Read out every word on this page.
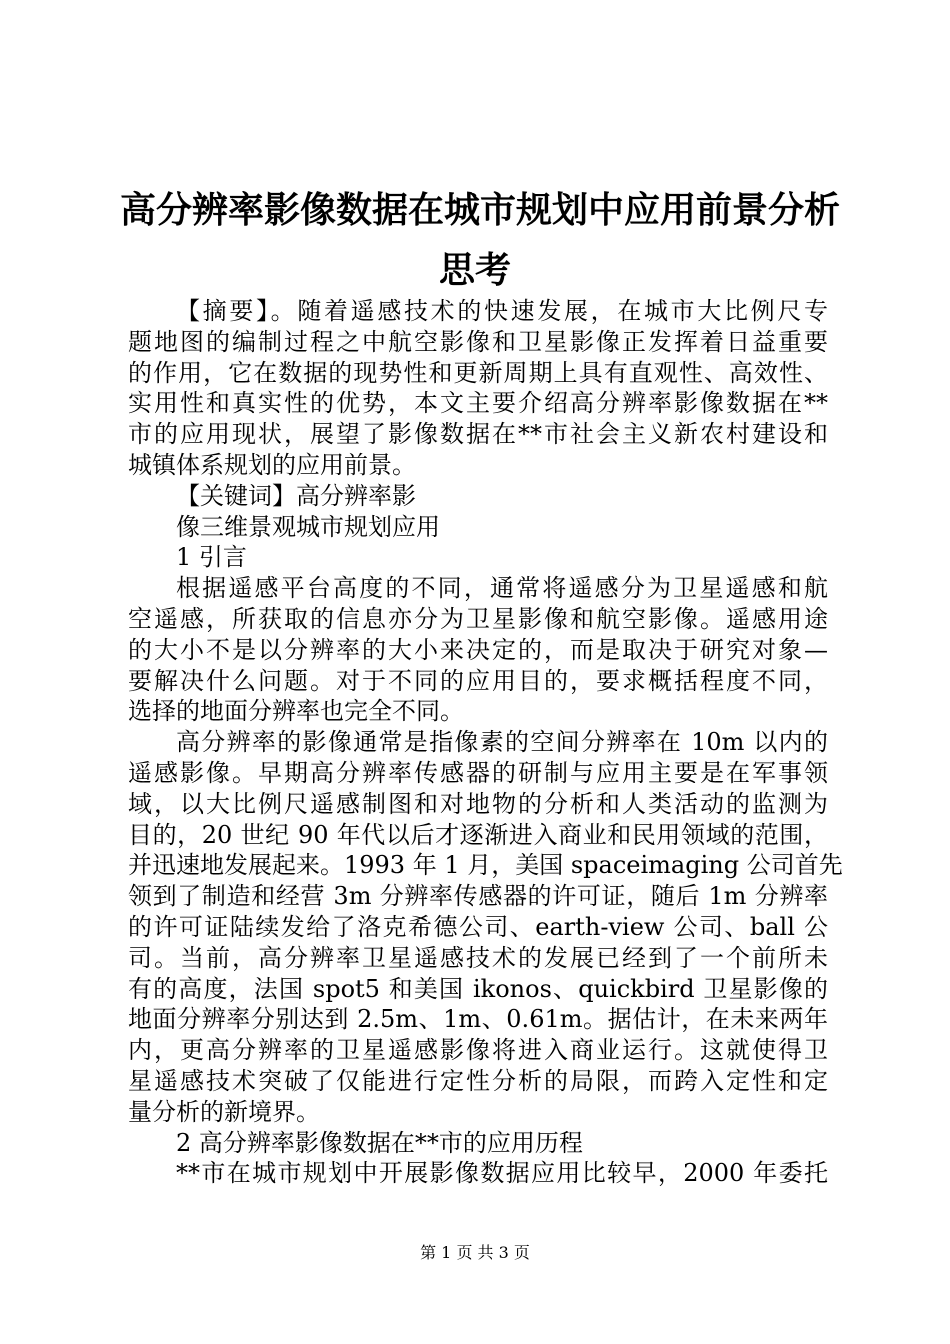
高分辨率影像数据在城市规划中应用前景分析
思考
【摘要】。随着遥感技术的快速发展，在城市大比例尺专
题地图的编制过程之中航空影像和卫星影像正发挥着日益重要
的作用，它在数据的现势性和更新周期上具有直观性、高效性、
实用性和真实性的优势，本文主要介绍高分辨率影像数据在**
市的应用现状，展望了影像数据在**市社会主义新农村建设和
城镇体系规划的应用前景。
【关键词】高分辨率影
像三维景观城市规划应用
1 引言
根据遥感平台高度的不同，通常将遥感分为卫星遥感和航
空遥感，所获取的信息亦分为卫星影像和航空影像。遥感用途
的大小不是以分辨率的大小来决定的，而是取决于研究对象—
要解决什么问题。对于不同的应用目的，要求概括程度不同，
选择的地面分辨率也完全不同。
高分辨率的影像通常是指像素的空间分辨率在 10m 以内的
遥感影像。早期高分辨率传感器的研制与应用主要是在军事领
域，以大比例尺遥感制图和对地物的分析和人类活动的监测为
目的，20 世纪 90 年代以后才逐渐进入商业和民用领域的范围，
并迅速地发展起来。1993 年 1 月，美国 spaceimaging 公司首先
领到了制造和经营 3m 分辨率传感器的许可证，随后 1m 分辨率
的许可证陆续发给了洛克希德公司、earth-view 公司、ball 公
司。当前，高分辨率卫星遥感技术的发展已经到了一个前所未
有的高度，法国 spot5 和美国 ikonos、quickbird 卫星影像的
地面分辨率分别达到 2.5m、1m、0.61m。据估计，在未来两年
内，更高分辨率的卫星遥感影像将进入商业运行。这就使得卫
星遥感技术突破了仅能进行定性分析的局限，而跨入定性和定
量分析的新境界。
2 高分辨率影像数据在**市的应用历程
**市在城市规划中开展影像数据应用比较早，2000 年委托
第 1 页 共 3 页
